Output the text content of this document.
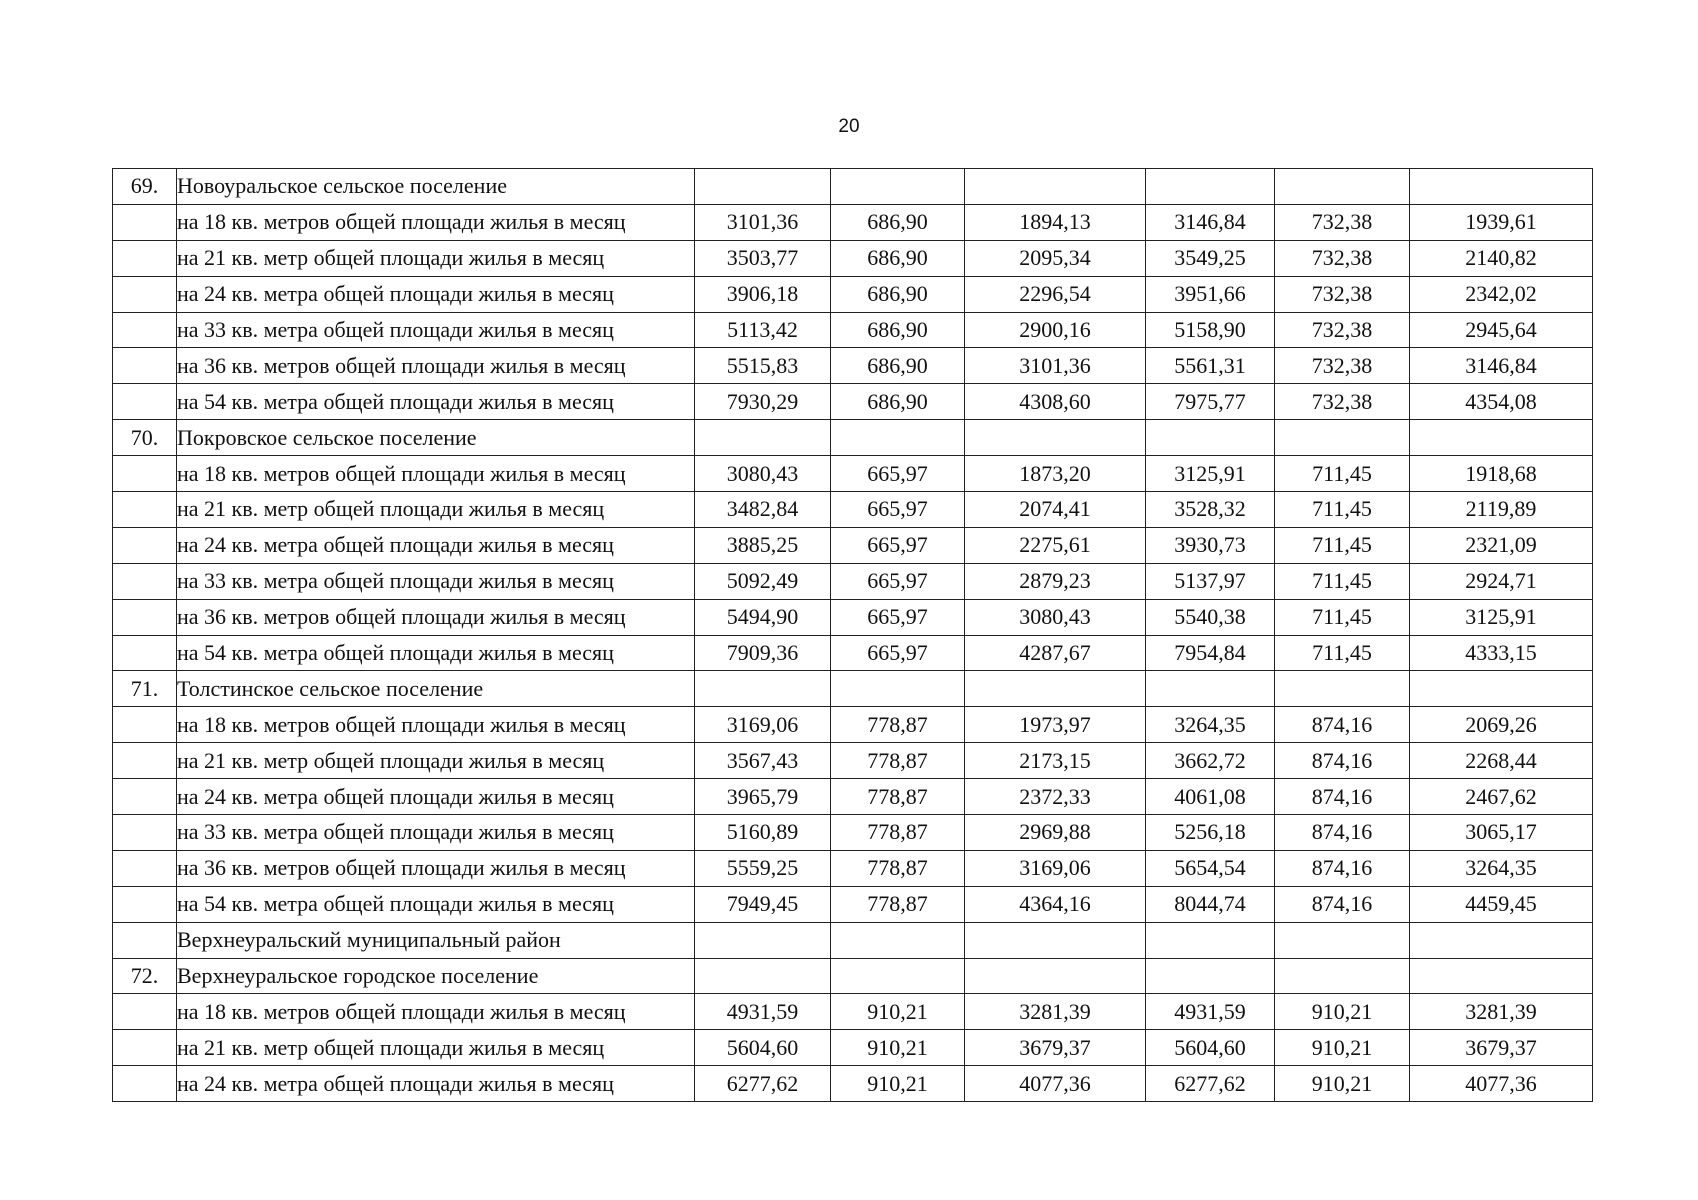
20
69.	Новоуральское сельское поселение						
	на 18 кв. метров общей площади жилья в месяц	3101,36	686,90	1894,13	3146,84	732,38	1939,61
	на 21 кв. метр общей площади жилья в месяц	3503,77	686,90	2095,34	3549,25	732,38	2140,82
	на 24 кв. метра общей площади жилья в месяц	3906,18	686,90	2296,54	3951,66	732,38	2342,02
	на 33 кв. метра общей площади жилья в месяц	5113,42	686,90	2900,16	5158,90	732,38	2945,64
	на 36 кв. метров общей площади жилья в месяц	5515,83	686,90	3101,36	5561,31	732,38	3146,84
	на 54 кв. метра общей площади жилья в месяц	7930,29	686,90	4308,60	7975,77	732,38	4354,08
70.	Покровское сельское поселение						
	на 18 кв. метров общей площади жилья в месяц	3080,43	665,97	1873,20	3125,91	711,45	1918,68
	на 21 кв. метр общей площади жилья в месяц	3482,84	665,97	2074,41	3528,32	711,45	2119,89
	на 24 кв. метра общей площади жилья в месяц	3885,25	665,97	2275,61	3930,73	711,45	2321,09
	на 33 кв. метра общей площади жилья в месяц	5092,49	665,97	2879,23	5137,97	711,45	2924,71
	на 36 кв. метров общей площади жилья в месяц	5494,90	665,97	3080,43	5540,38	711,45	3125,91
	на 54 кв. метра общей площади жилья в месяц	7909,36	665,97	4287,67	7954,84	711,45	4333,15
71.	Толстинское сельское поселение						
	на 18 кв. метров общей площади жилья в месяц	3169,06	778,87	1973,97	3264,35	874,16	2069,26
	на 21 кв. метр общей площади жилья в месяц	3567,43	778,87	2173,15	3662,72	874,16	2268,44
	на 24 кв. метра общей площади жилья в месяц	3965,79	778,87	2372,33	4061,08	874,16	2467,62
	на 33 кв. метра общей площади жилья в месяц	5160,89	778,87	2969,88	5256,18	874,16	3065,17
	на 36 кв. метров общей площади жилья в месяц	5559,25	778,87	3169,06	5654,54	874,16	3264,35
	на 54 кв. метра общей площади жилья в месяц	7949,45	778,87	4364,16	8044,74	874,16	4459,45
	Верхнеуральский муниципальный район						
72.	Верхнеуральское городское поселение						
	на 18 кв. метров общей площади жилья в месяц	4931,59	910,21	3281,39	4931,59	910,21	3281,39
	на 21 кв. метр общей площади жилья в месяц	5604,60	910,21	3679,37	5604,60	910,21	3679,37
	на 24 кв. метра общей площади жилья в месяц	6277,62	910,21	4077,36	6277,62	910,21	4077,36
